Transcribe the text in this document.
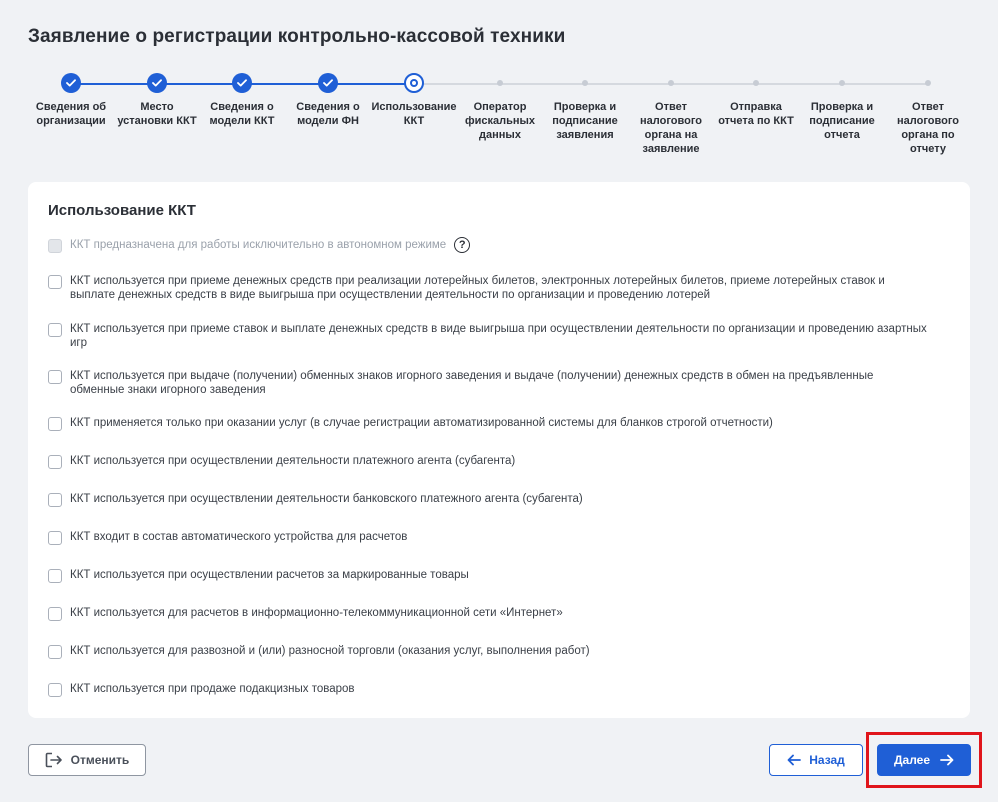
Заявление о регистрации контрольно-кассовой техники
Сведения об организации
Место установки ККТ
Сведения о модели ККТ
Сведения о модели ФН
Использование ККТ
Оператор фискальных данных
Проверка и подписание заявления
Ответ налогового органа на заявление
Отправка отчета по ККТ
Проверка и подписание отчета
Ответ налогового органа по отчету
Использование ККТ
ККТ предназначена для работы исключительно в автономном режиме	?
ККТ используется при приеме денежных средств при реализации лотерейных билетов, электронных лотерейных билетов, приеме лотерейных ставок и выплате денежных средств в виде выигрыша при осуществлении деятельности по организации и проведению лотерей
ККТ используется при приеме ставок и выплате денежных средств в виде выигрыша при осуществлении деятельности по организации и проведению азартных игр
ККТ используется при выдаче (получении) обменных знаков игорного заведения и выдаче (получении) денежных средств в обмен на предъявленные обменные знаки игорного заведения
ККТ применяется только при оказании услуг (в случае регистрации автоматизированной системы для бланков строгой отчетности)
ККТ используется при осуществлении деятельности платежного агента (субагента)
ККТ используется при осуществлении деятельности банковского платежного агента (субагента)
ККТ входит в состав автоматического устройства для расчетов
ККТ используется при осуществлении расчетов за маркированные товары
ККТ используется для расчетов в информационно-телекоммуникационной сети «Интернет»
ККТ используется для развозной и (или) разносной торговли (оказания услуг, выполнения работ)
ККТ используется при продаже подакцизных товаров
Отменить	Назад	Далее
